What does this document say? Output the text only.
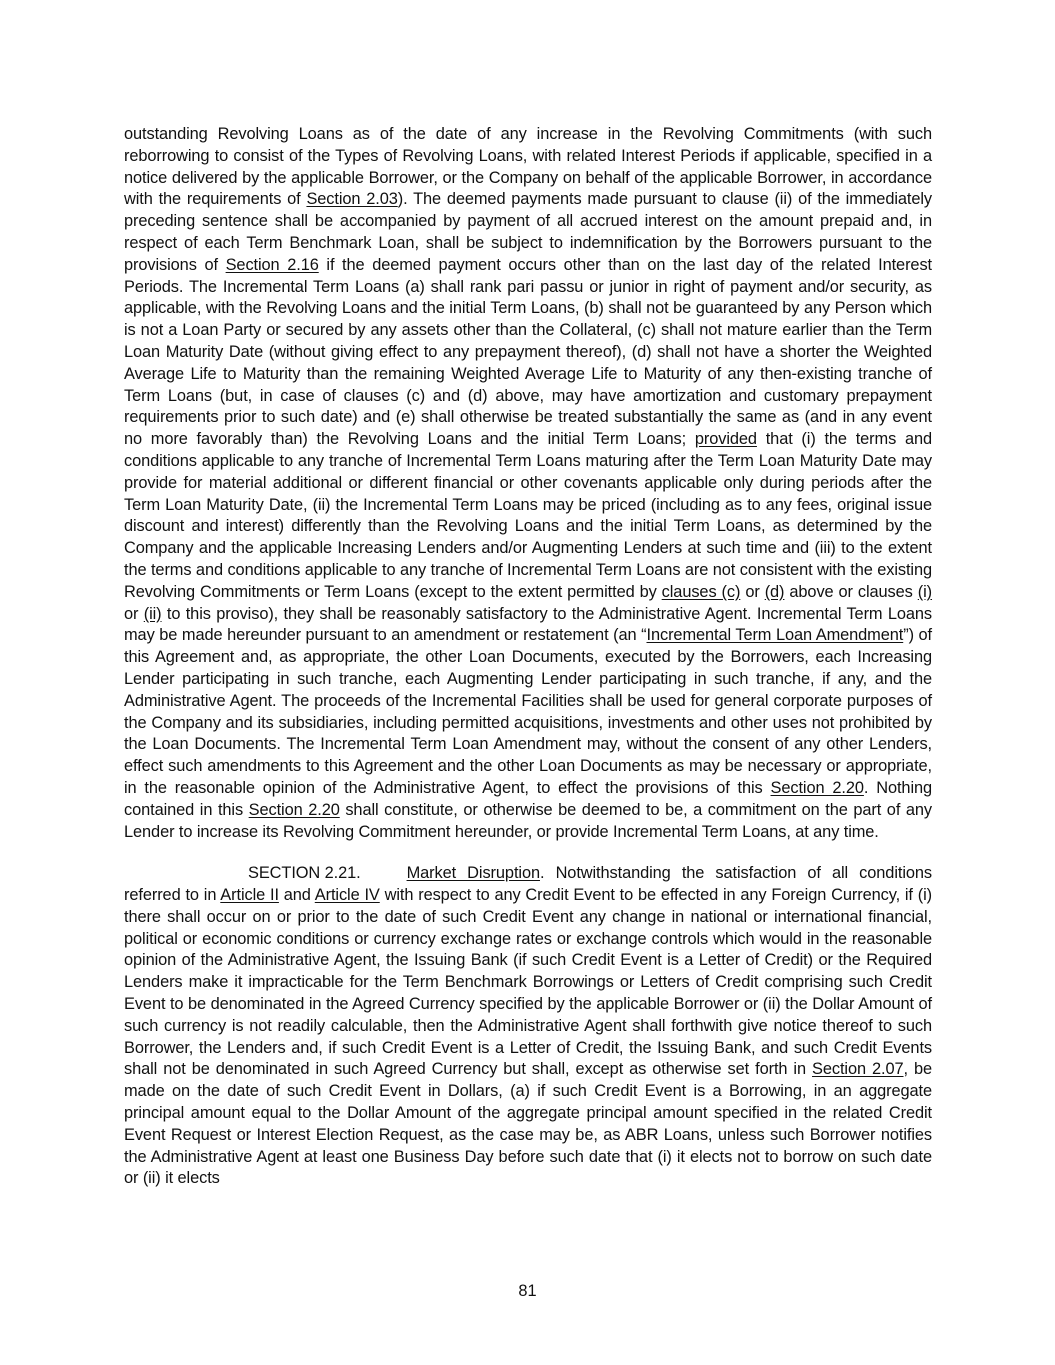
outstanding Revolving Loans as of the date of any increase in the Revolving Commitments (with such reborrowing to consist of the Types of Revolving Loans, with related Interest Periods if applicable, specified in a notice delivered by the applicable Borrower, or the Company on behalf of the applicable Borrower, in accordance with the requirements of Section 2.03). The deemed payments made pursuant to clause (ii) of the immediately preceding sentence shall be accompanied by payment of all accrued interest on the amount prepaid and, in respect of each Term Benchmark Loan, shall be subject to indemnification by the Borrowers pursuant to the provisions of Section 2.16 if the deemed payment occurs other than on the last day of the related Interest Periods. The Incremental Term Loans (a) shall rank pari passu or junior in right of payment and/or security, as applicable, with the Revolving Loans and the initial Term Loans, (b) shall not be guaranteed by any Person which is not a Loan Party or secured by any assets other than the Collateral, (c) shall not mature earlier than the Term Loan Maturity Date (without giving effect to any prepayment thereof), (d) shall not have a shorter the Weighted Average Life to Maturity than the remaining Weighted Average Life to Maturity of any then-existing tranche of Term Loans (but, in case of clauses (c) and (d) above, may have amortization and customary prepayment requirements prior to such date) and (e) shall otherwise be treated substantially the same as (and in any event no more favorably than) the Revolving Loans and the initial Term Loans; provided that (i) the terms and conditions applicable to any tranche of Incremental Term Loans maturing after the Term Loan Maturity Date may provide for material additional or different financial or other covenants applicable only during periods after the Term Loan Maturity Date, (ii) the Incremental Term Loans may be priced (including as to any fees, original issue discount and interest) differently than the Revolving Loans and the initial Term Loans, as determined by the Company and the applicable Increasing Lenders and/or Augmenting Lenders at such time and (iii) to the extent the terms and conditions applicable to any tranche of Incremental Term Loans are not consistent with the existing Revolving Commitments or Term Loans (except to the extent permitted by clauses (c) or (d) above or clauses (i) or (ii) to this proviso), they shall be reasonably satisfactory to the Administrative Agent. Incremental Term Loans may be made hereunder pursuant to an amendment or restatement (an “Incremental Term Loan Amendment”) of this Agreement and, as appropriate, the other Loan Documents, executed by the Borrowers, each Increasing Lender participating in such tranche, each Augmenting Lender participating in such tranche, if any, and the Administrative Agent. The proceeds of the Incremental Facilities shall be used for general corporate purposes of the Company and its subsidiaries, including permitted acquisitions, investments and other uses not prohibited by the Loan Documents. The Incremental Term Loan Amendment may, without the consent of any other Lenders, effect such amendments to this Agreement and the other Loan Documents as may be necessary or appropriate, in the reasonable opinion of the Administrative Agent, to effect the provisions of this Section 2.20. Nothing contained in this Section 2.20 shall constitute, or otherwise be deemed to be, a commitment on the part of any Lender to increase its Revolving Commitment hereunder, or provide Incremental Term Loans, at any time.

SECTION 2.21.	Market Disruption. Notwithstanding the satisfaction of all conditions referred to in Article II and Article IV with respect to any Credit Event to be effected in any Foreign Currency, if (i) there shall occur on or prior to the date of such Credit Event any change in national or international financial, political or economic conditions or currency exchange rates or exchange controls which would in the reasonable opinion of the Administrative Agent, the Issuing Bank (if such Credit Event is a Letter of Credit) or the Required Lenders make it impracticable for the Term Benchmark Borrowings or Letters of Credit comprising such Credit Event to be denominated in the Agreed Currency specified by the applicable Borrower or (ii) the Dollar Amount of such currency is not readily calculable, then the Administrative Agent shall forthwith give notice thereof to such Borrower, the Lenders and, if such Credit Event is a Letter of Credit, the Issuing Bank, and such Credit Events shall not be denominated in such Agreed Currency but shall, except as otherwise set forth in Section 2.07, be made on the date of such Credit Event in Dollars, (a) if such Credit Event is a Borrowing, in an aggregate principal amount equal to the Dollar Amount of the aggregate principal amount specified in the related Credit Event Request or Interest Election Request, as the case may be, as ABR Loans, unless such Borrower notifies the Administrative Agent at least one Business Day before such date that (i) it elects not to borrow on such date or (ii) it elects

81
